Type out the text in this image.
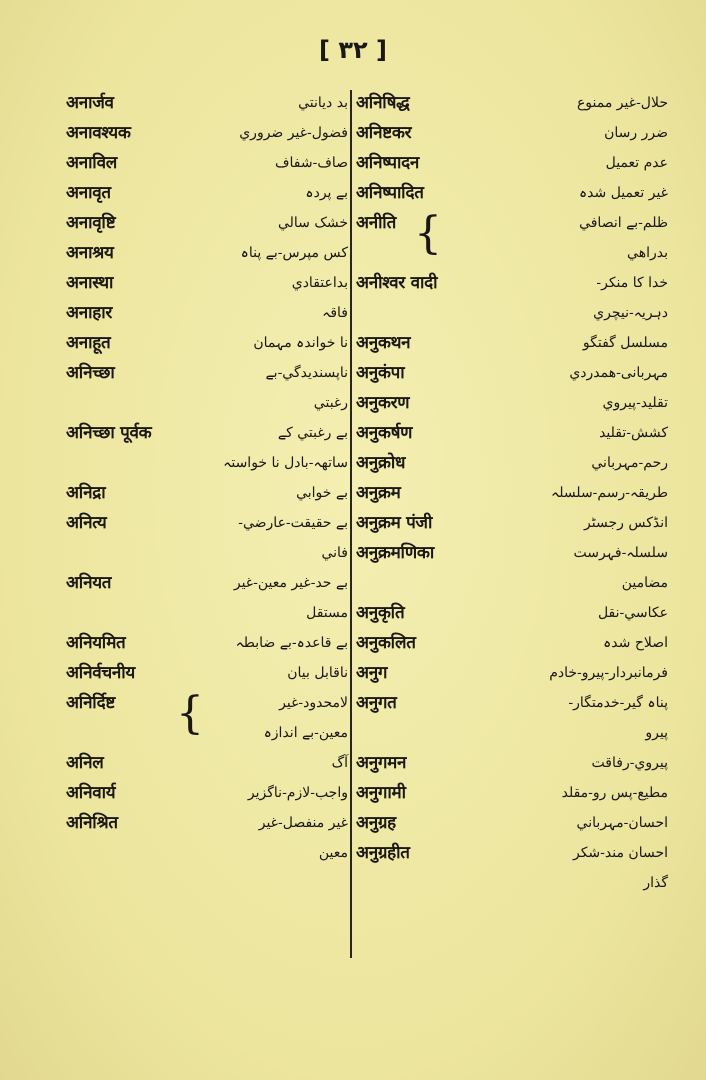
[ ٣٢ ]
अनार्जव	بد دیانتي
अनावश्यक	فضول-غیر ضروري
अनाविल	صاف-شفاف
अनावृत	بے پردہ
अनावृष्टि	خشک سالي
अनाश्रय	کس مپرس-بے پناہ
अनास्था	بداعتقادي
अनाहार	فاقہ
अनाहूत	نا خواندہ مہمان
अनिच्छा	ناپسندیدگي-بے

رغبتي
अनिच्छा पूर्वक	بے رغبتي کے

ساتھہ-بادل نا خواستہ
अनिद्रा	بے خوابي
अनित्य	بے حقیقت-عارضي-

فاني
अनियत	بے حد-غیر معین-غیر

مستقل
अनियमित	بے قاعدہ-بے ضابطہ
अनिर्वचनीय	ناقابل بیان
अनिर्दिष्ट	لامحدود-غیر

معین-بے اندازہ
{
अनिल	آگ
अनिवार्य	واجب-لازم-ناگزیر
अनिश्रित	غیر منفصل-غیر

معین
अनिषिद्ध	حلال-غیر ممنوع
अनिष्टकर	ضرر رسان
अनिष्पादन	عدم تعمیل
अनिष्पादित	غیر تعمیل شدہ
अनीति	ظلم-بے انصافي

بدراهي
{
अनीश्वर वादी	خدا کا منکر-

دہریہ-نیچري
अनुकथन	مسلسل گفتگو
अनुकंपा	مہربانی-همدردي
अनुकरण	تقلید-پیروي
अनुकर्षण	کشش-تقلید
अनुक्रोध	رحم-مہرباني
अनुक्रम	طریقہ-رسم-سلسلہ
अनुक्रम पंजी	انڈکس رجسٹر
अनुक्रमणिका	سلسلہ-فہرست

مضامین
अनुकृति	عکاسي-نقل
अनुकलित	اصلاح شدہ
अनुग	فرمانبردار-پیرو-خادم
अनुगत	پناہ گیر-خدمتگار-

پیرو
अनुगमन	پیروي-رفاقت
अनुगामी	مطیع-پس رو-مقلد
अनुग्रह	احسان-مہرباني
अनुग्रहीत	احسان مند-شکر

گذار
